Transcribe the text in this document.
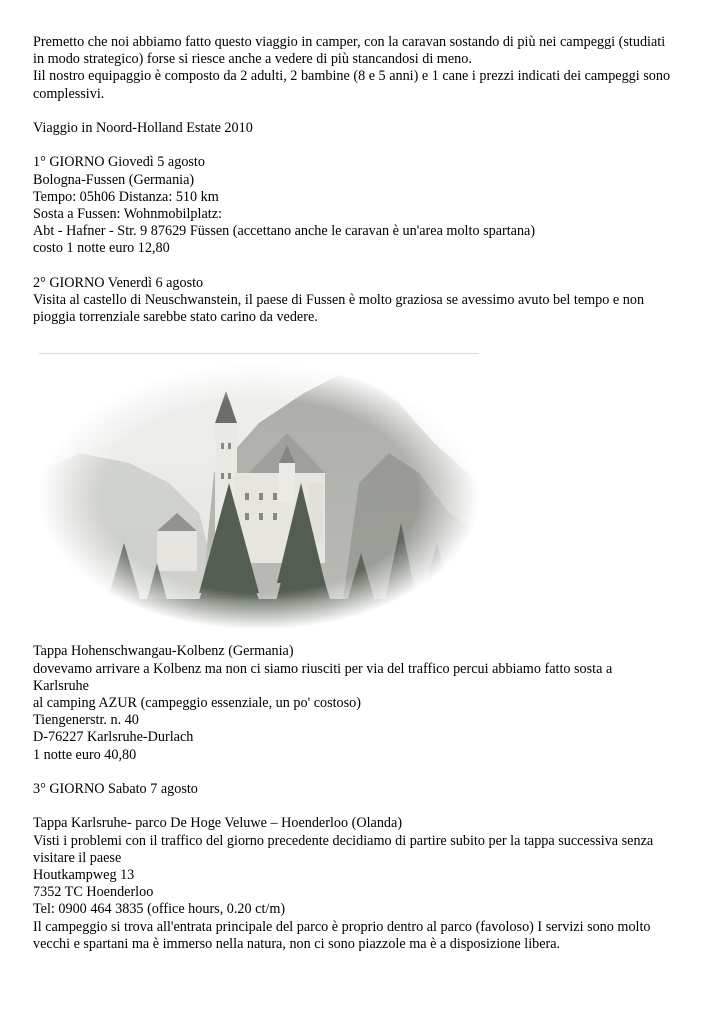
Premetto che noi abbiamo fatto questo viaggio in camper, con la caravan sostando di più nei campeggi (studiati
in modo strategico) forse si riesce anche a vedere di più stancandosi di meno.
Iil nostro equipaggio è composto da 2 adulti, 2 bambine (8 e 5 anni) e 1 cane i prezzi indicati dei campeggi sono
complessivi.
Viaggio in Noord-Holland Estate 2010
1° GIORNO Giovedì 5 agosto
Bologna-Fussen (Germania)
Tempo: 05h06 Distanza: 510 km
Sosta a Fussen: Wohnmobilplatz:
Abt - Hafner - Str. 9 87629 Füssen (accettano anche le caravan è un'area molto spartana)
costo 1 notte euro 12,80
2° GIORNO Venerdì 6 agosto
Visita al castello di Neuschwanstein, il paese di Fussen è molto graziosa se avessimo avuto bel tempo e non
pioggia torrenziale sarebbe stato carino da vedere.
Tappa Hohenschwangau-Kolbenz (Germania)
dovevamo arrivare a Kolbenz ma non ci siamo riusciti per via del traffico percui abbiamo fatto sosta a
Karlsruhe
al camping AZUR (campeggio essenziale, un po' costoso)
Tiengenerstr. n. 40
D-76227 Karlsruhe-Durlach
1 notte euro 40,80
3° GIORNO Sabato 7 agosto
Tappa Karlsruhe- parco De Hoge Veluwe – Hoenderloo (Olanda)
Visti i problemi con il traffico del giorno precedente decidiamo di partire subito per la tappa successiva senza
visitare il paese
Houtkampweg 13
7352 TC Hoenderloo
Tel: 0900 464 3835 (office hours, 0.20 ct/m)
Il campeggio si trova all'entrata principale del parco è proprio dentro al parco (favoloso) I servizi sono molto
vecchi e spartani ma è immerso nella natura, non ci sono piazzole ma è a disposizione libera.
